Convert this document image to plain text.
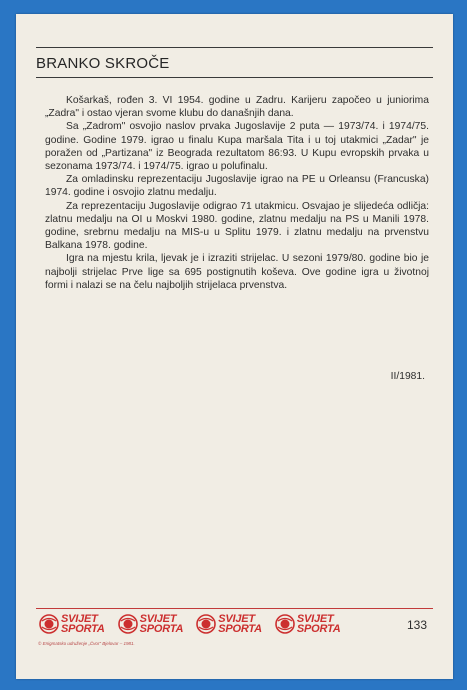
BRANKO SKROČE

Košarkaš, rođen 3. VI 1954. godine u Zadru. Karijeru započeo u juniorima „Zadra" i ostao vjeran svome klubu do današnjih dana.

Sa „Zadrom" osvojio naslov prvaka Jugoslavije 2 puta — 1973/74. i 1974/75. godine. Godine 1979. igrao u finalu Kupa maršala Tita i u toj utakmici „Zadar" je poražen od „Partizana" iz Beograda rezultatom 86:93. U Kupu evropskih prvaka u sezonama 1973/74. i 1974/75. igrao u polufinalu.

Za omladinsku reprezentaciju Jugoslavije igrao na PE u Orleansu (Francuska) 1974. godine i osvojio zlatnu medalju.

Za reprezentaciju Jugoslavije odigrao 71 utakmicu. Osvajao je slijedeća odličja: zlatnu medalju na OI u Moskvi 1980. godine, zlatnu medalju na PS u Manili 1978. godine, srebrnu medalju na MIS-u u Splitu 1979. i zlatnu medalju na prvenstvu Balkana 1978. godine.

Igra na mjestu krila, ljevak je i izraziti strijelac. U sezoni 1979/80. godine bio je najbolji strijelac Prve lige sa 695 postignutih koševa. Ove godine igra u životnoj formi i nalazi se na čelu najboljih strijelaca prvenstva.

II/1981.
SVIJET
SPORTA
SVIJET
SPORTA
SVIJET
SPORTA
SVIJET
SPORTA	133
© Enigmatsko udruženje „Čvor" Bjelovar – 1981.
